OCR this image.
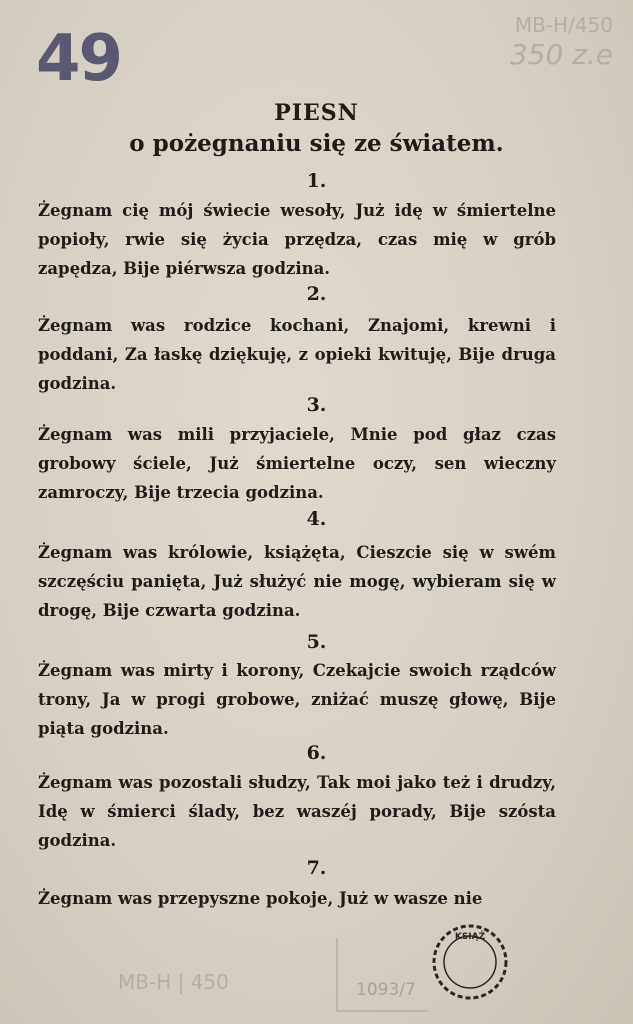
49	MB-H/450
350 z.e
PIESN
o pożegnaniu się ze światem.
1.
Żegnam cię mój świecie wesoły, Już idę w śmiertelne popioły, rwie się życia przędza, czas mię w grób zapędza, Bije piérwsza godzina.
2.
Żegnam was rodzice kochani, Znajomi, krewni i poddani, Za łaskę dziękuję, z opieki kwituję, Bije druga godzina.
3.
Żegnam was mili przyjaciele, Mnie pod głaz czas grobowy ściele, Już śmiertelne oczy, sen wieczny zamroczy, Bije trzecia godzina.
4.
Żegnam was królowie, książęta, Cieszcie się w swém szczęściu panięta, Już służyć nie mogę, wybieram się w drogę, Bije czwarta godzina.
5.
Żegnam was mirty i korony, Czekajcie swoich rządców trony, Ja w progi grobowe, zniżać muszę głowę, Bije piąta godzina.
6.
Żegnam was pozostali słudzy, Tak moi jako też i drudzy, Idę w śmierci ślady, bez waszéj porady, Bije szósta godzina.
7.
Żegnam was przepyszne pokoje, Już w wasze nie
MB-H | 450	1093/7
KSIĄŻ
